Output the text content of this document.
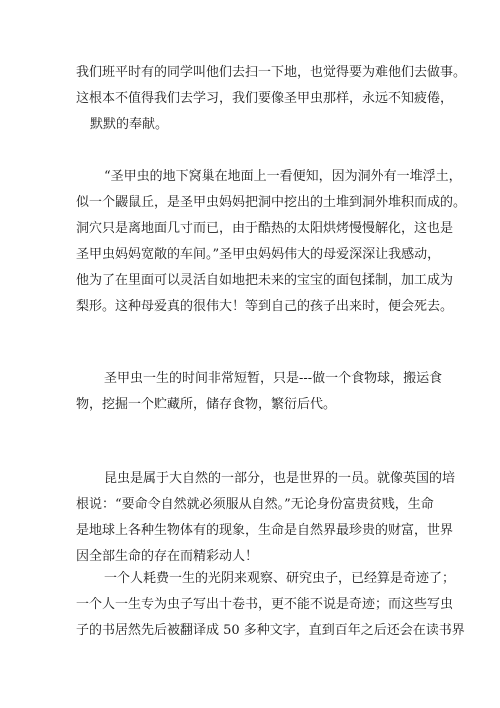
我们班平时有的同学叫他们去扫一下地，也觉得要为难他们去做事。
这根本不值得我们去学习，我们要像圣甲虫那样，永远不知疲倦，
默默的奉献。
“圣甲虫的地下窝巢在地面上一看便知，因为洞外有一堆浮土，
似一个鼹鼠丘，是圣甲虫妈妈把洞中挖出的土堆到洞外堆积而成的。
洞穴只是离地面几寸而已，由于酷热的太阳烘烤慢慢解化，这也是
圣甲虫妈妈宽敞的车间。”圣甲虫妈妈伟大的母爱深深让我感动，
他为了在里面可以灵活自如地把未来的宝宝的面包揉制，加工成为
梨形。这种母爱真的很伟大！等到自己的孩子出来时，便会死去。
圣甲虫一生的时间非常短暂，只是---做一个食物球，搬运食
物，挖掘一个贮藏所，储存食物，繁衍后代。
昆虫是属于大自然的一部分，也是世界的一员。就像英国的培
根说：“要命令自然就必须服从自然。”无论身份富贵贫贱，生命
是地球上各种生物体有的现象，生命是自然界最珍贵的财富，世界
因全部生命的存在而精彩动人！
一个人耗费一生的光阴来观察、研究虫子，已经算是奇迹了；
一个人一生专为虫子写出十卷书，更不能不说是奇迹；而这些写虫
子的书居然先后被翻译成 50 多种文字，直到百年之后还会在读书界
